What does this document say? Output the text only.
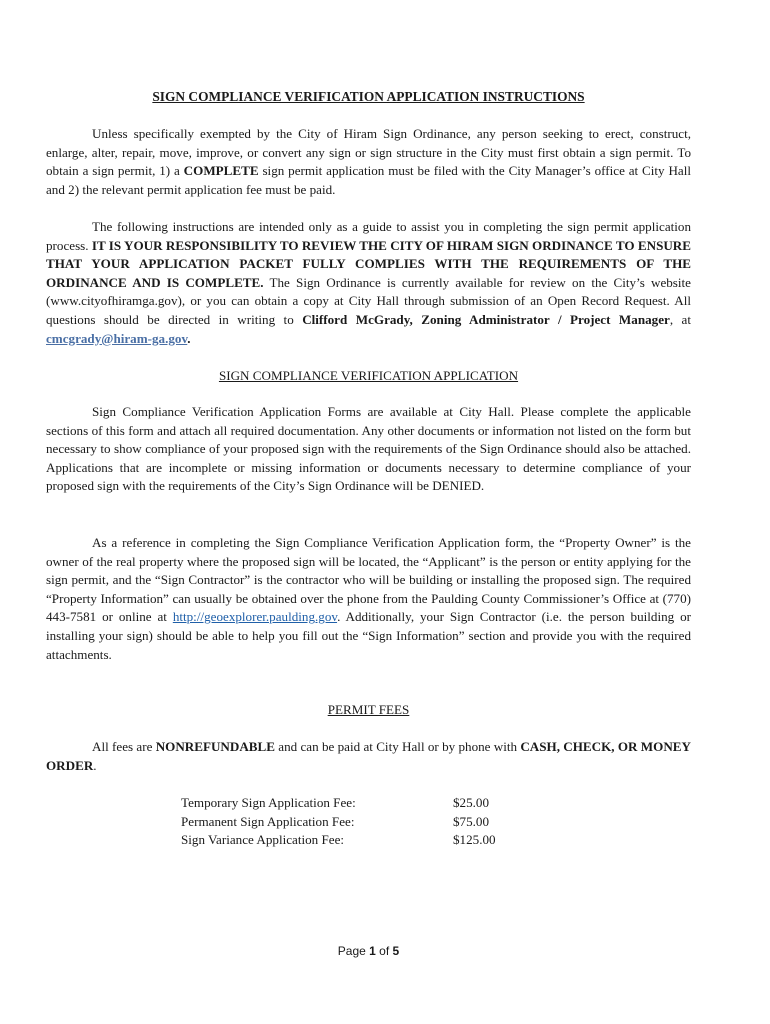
SIGN COMPLIANCE VERIFICATION APPLICATION INSTRUCTIONS

Unless specifically exempted by the City of Hiram Sign Ordinance, any person seeking to erect, construct, enlarge, alter, repair, move, improve, or convert any sign or sign structure in the City must first obtain a sign permit. To obtain a sign permit, 1) a COMPLETE sign permit application must be filed with the City Manager’s office at City Hall and 2) the relevant permit application fee must be paid.

The following instructions are intended only as a guide to assist you in completing the sign permit application process. IT IS YOUR RESPONSIBILITY TO REVIEW THE CITY OF HIRAM SIGN ORDINANCE TO ENSURE THAT YOUR APPLICATION PACKET FULLY COMPLIES WITH THE REQUIREMENTS OF THE ORDINANCE AND IS COMPLETE. The Sign Ordinance is currently available for review on the City’s website (www.cityofhiramga.gov), or you can obtain a copy at City Hall through submission of an Open Record Request. All questions should be directed in writing to Clifford McGrady, Zoning Administrator / Project Manager, at cmcgrady@hiram-ga.gov.

SIGN COMPLIANCE VERIFICATION APPLICATION

Sign Compliance Verification Application Forms are available at City Hall. Please complete the applicable sections of this form and attach all required documentation. Any other documents or information not listed on the form but necessary to show compliance of your proposed sign with the requirements of the Sign Ordinance should also be attached. Applications that are incomplete or missing information or documents necessary to determine compliance of your proposed sign with the requirements of the City’s Sign Ordinance will be DENIED.

As a reference in completing the Sign Compliance Verification Application form, the “Property Owner” is the owner of the real property where the proposed sign will be located, the “Applicant” is the person or entity applying for the sign permit, and the “Sign Contractor” is the contractor who will be building or installing the proposed sign. The required “Property Information” can usually be obtained over the phone from the Paulding County Commissioner’s Office at (770) 443-7581 or online at http://geoexplorer.paulding.gov. Additionally, your Sign Contractor (i.e. the person building or installing your sign) should be able to help you fill out the “Sign Information” section and provide you with the required attachments.

PERMIT FEES

All fees are NONREFUNDABLE and can be paid at City Hall or by phone with CASH, CHECK, OR MONEY ORDER.

Temporary Sign Application Fee:	$25.00
Permanent Sign Application Fee:	$75.00
Sign Variance Application Fee:	$125.00
Page 1 of 5
